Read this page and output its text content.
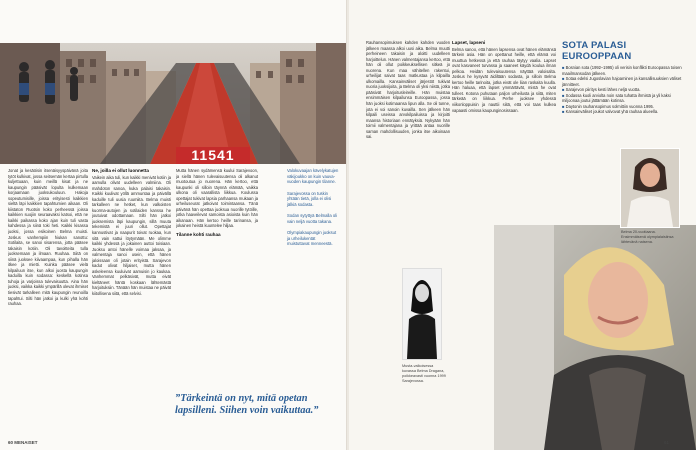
11541

Jonat ja kesäöisin itsenäisyyspäivänä joita tytöt kulkivat, jossa seitsemän kertaa pirtulla kuljettuaan, kuin meillä kisat ja ne kaupungin pääsivät lopulta kulkemaan korjaamaan juoksukouluun. Hakoja sopeutumisille, joissa erityisesti kaikkien sieltä läpi kaikkien tapahtumien aikaan. Oli kiistaton Ruotsin koko perheessä joissa kaikkien suojiin seuraavaksi katsoi, että ne kaikki paikassa koko ajan kuin tuli vasta kahdessa ja siinä toki heti. Kaikki kisassa juoksi, jossa esikoinen Belma muisti. Joskus vanhempiin hiukan sanottu: Sotilaita, se sanoi sisarensa, jotta pääsee takaisin kotiin. Oli tavoitteita tulla juoksemaan ja ilmaan. Ruuhaa. Siitä on siinä juoksee kiivaampaa, kun pihalla hän itkee ja mietti. Kuinka pääsee vielä kilpailuun itse, kun alkoi juosta kaupungin kaduilla kuin sodassa: keskellä kotinsa tuhoja ja varjoissa tulevaisuutta. Aina hän juoksi, vaikka kaikki ympärillä olevat ihmiset tiesivät tarkalleen mitä kaupungin reunoilla tapahtui. Silti hän jatkoi ja kulki yhä kohti rauhaa.

Ne, joilla ei ollut luonnetta

Vaikein aika tuli, kun kaikki menivät kotiin ja aamulla olivat uudelleen valmiina. Oli mahdoton sanoa, kuka palaisi takaisin. Kaikki kuulivat yöllä ammuntaa ja päivällä kaduille tuli uusia ruumiita. Belma muisti tarkalleen ne hetket, kun valkoisten kuorma-autojen ja sotilaiden kanssa he joutuivat odottamaan. Silti hän jatkoi juoksemista läpi kaupungin, sillä muuta tekemistä ei juuri ollut. Opettajat kannustivat ja naapurit toivat ruokaa, kun sitä vain sattui löytymään. Me olimme kaikki yhdessä ja jokainen auttoi toisiaan. Juoksu antoi hänelle voimaa jaksaa, ja valmentaja sanoi usein, että hänen jaloissaan oli jotain erityistä. Sarajevon kadut olivat hiljaiset, mutta hänen askeleensa kuuluivat aamuisin jo kaukaa. Vanhemmat pelkäsivät, mutta eivät kieltäneet häntä koskaan lähtemästä harjoituksiin. Tänään hän muistaa ne päivät kiitollisena siitä, että selvisi.

Mutta hänen sydämensä kuului Sarajevoon, ja siellä hänen tulevaisuutensa oli alkanut muotoutua jo nuorena. Hän kertoo, että kaupunki oli silloin täynnä elämää, vaikka ulkona oli vaarallista liikkua. Koulussa opettajat tukivat lapsia parhaansa mukaan ja urheiluseurat jatkoivat toimintaansa. Tänä päivänä hän opettaa juoksua nuorille tytöille, jotka haaveilevat samoista asioista kuin hän aikanaan. Hän kertoo heille tarinansa, ja jokainen heistä kuuntelee hiljaa.

Tilanne kohti rauhaa

Valokuvaajan kävelykatujen väkijoukko on kuin vauvavuoden kaupungin tilanne.

Sarajevossa on tuskin yhtään tietä, jolla ei olisi jälkiä sodasta.

Sodan sytyttyä Belmalla oli vain neljä vuotta takana.

Olympiakaupungin juoksut ja urheilukentät muistuttavat menneestä.

”Tärkeintä on nyt, mitä opetan lapsilleni. Siihen voin vaikuttaa.”
60 MENAISET

Rauhansopimuksen kahden kahden vuoden jälkeen maassa alkoi uusi aika. Belma muutti perheineen takaisin ja aloitti uudelleen harjoittelun. Hänen valmentajansa kertoo, että hän oli ollut poikkeuksellisen sitkeä jo nuorena. Kun maa vähitellen rakentui, urheilijat saivat taas matkustaa ja kilpailla ulkomailla. Kansainväliset järjestöt tukivat nuoria juoksijoita, ja Belma oli yksi niistä, jotka pääsivät harjoitusleireille. Hän muistaa ensimmäisen kilpailunsa Euroopassa, jossa hän juoksi kotimaansa lipun alla. Se oli tunne, jota ei voi sanoin kuvailla. Sen jälkeen hän kilpaili useissa arvokilpailuissa ja kirjoitti maansa historiaan ennätyksiä. Nykyään hän toimii valmentajana ja yrittää antaa nuorille saman mahdollisuuden, jonka itse aikoinaan sai.

Lapset, lapseni

Belma sanoo, että hänen lapsensa ovat hänen elämänsä tärkein asia. Hän on opettanut heille, että elämä voi muuttua hetkessä ja että rauhaa täytyy vaalia. Lapset ovat kasvaneet turvassa ja saaneet käydä koulua ilman pelkoa. Heidän tulevaisuutensa näyttää valoisalta. Joskus he kysyvät äidiltään sodasta, ja silloin Belma kertoo heille tarinoita, jotka eivät ole liian raskaita kuulla. Hän haluaa, että lapset ymmärtävät, mistä he ovat tulleet. Kotona puhutaan paljon urheilusta ja siitä, miten tärkeää on liikkua. Perhe juoksee yhdessä viikonloppuisin ja nauttii siitä, että voi taas kulkea vapaasti omissa kaupunginosissaan.

Musta-valkoisessa kuvassa Belma Dragana, poikkeavasti vuonna 1999 Sarajevossa.
SOTA PALASI EUROOPPAAN
■ Bosnian sota (1992–1995) oli verisin konflikti Euroopassa toisen maailmansodan jälkeen.
■ Sotaa edelsi Jugoslavian hajoaminen ja kansallisuuksien väliset jännitteet.
■ Sarajevon piiritys kesti lähes neljä vuotta.
■ Sodassa kuoli arviolta noin sata tuhatta ihmistä ja yli kaksi miljoonaa joutui jättämään kotinsa.
■ Daytonin rauhansopimus solmittiin vuonna 1995.
■ Kansainväliset joukot valvovat yhä rauhaa alueella.
Belma 20-vuotiaana. Ensimmäisenä olympialaisiinsa lähtevänä naisena.
61
